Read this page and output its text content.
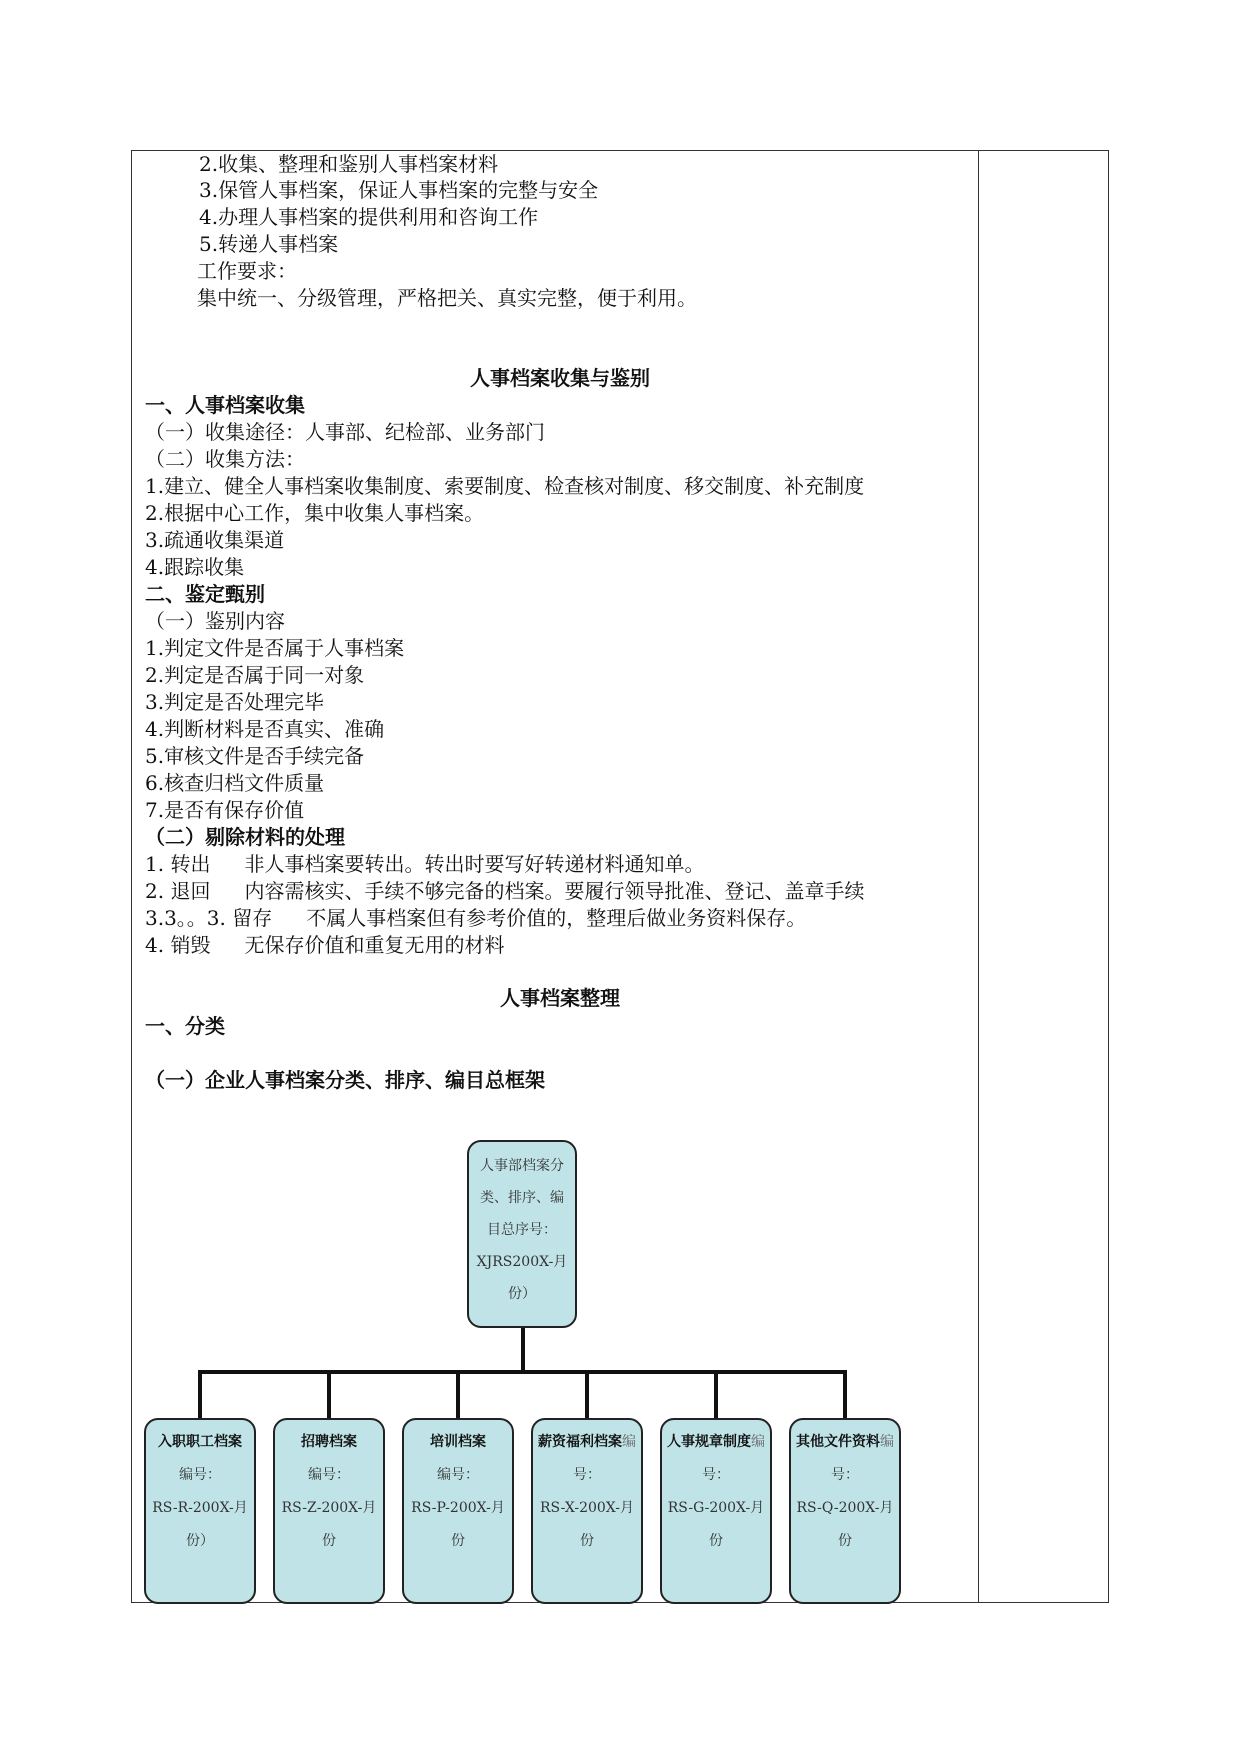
2.收集、整理和鉴别人事档案材料
3.保管人事档案，保证人事档案的完整与安全
4.办理人事档案的提供利用和咨询工作
5.转递人事档案
工作要求：
集中统一、分级管理，严格把关、真实完整，便于利用。
人事档案收集与鉴别
一、人事档案收集
（一）收集途径：人事部、纪检部、业务部门
（二）收集方法：
1.建立、健全人事档案收集制度、索要制度、检查核对制度、移交制度、补充制度
2.根据中心工作，集中收集人事档案。
3.疏通收集渠道
4.跟踪收集
二、鉴定甄别
（一）鉴别内容
1.判定文件是否属于人事档案
2.判定是否属于同一对象
3.判定是否处理完毕
4.判断材料是否真实、准确
5.审核文件是否手续完备
6.核查归档文件质量
7.是否有保存价值
（二）剔除材料的处理
1. 转出 非人事档案要转出。转出时要写好转递材料通知单。
2. 退回 内容需核实、手续不够完备的档案。要履行领导批准、登记、盖章手续
3.3。。3. 留存 不属人事档案但有参考价值的，整理后做业务资料保存。
4. 销毁 无保存价值和重复无用的材料
人事档案整理
一、分类
（一）企业人事档案分类、排序、编目总框架
人事部档案分
类、排序、编
目总序号：
XJRS200X-月
份）
入职职工档案
编号：
RS-R-200X-月
份）
招聘档案
编号：
RS-Z-200X-月
份
培训档案
编号：
RS-P-200X-月
份
薪资福利档案编
号：
RS-X-200X-月
份
人事规章制度编
号：
RS-G-200X-月
份
其他文件资料编
号：
RS-Q-200X-月
份
